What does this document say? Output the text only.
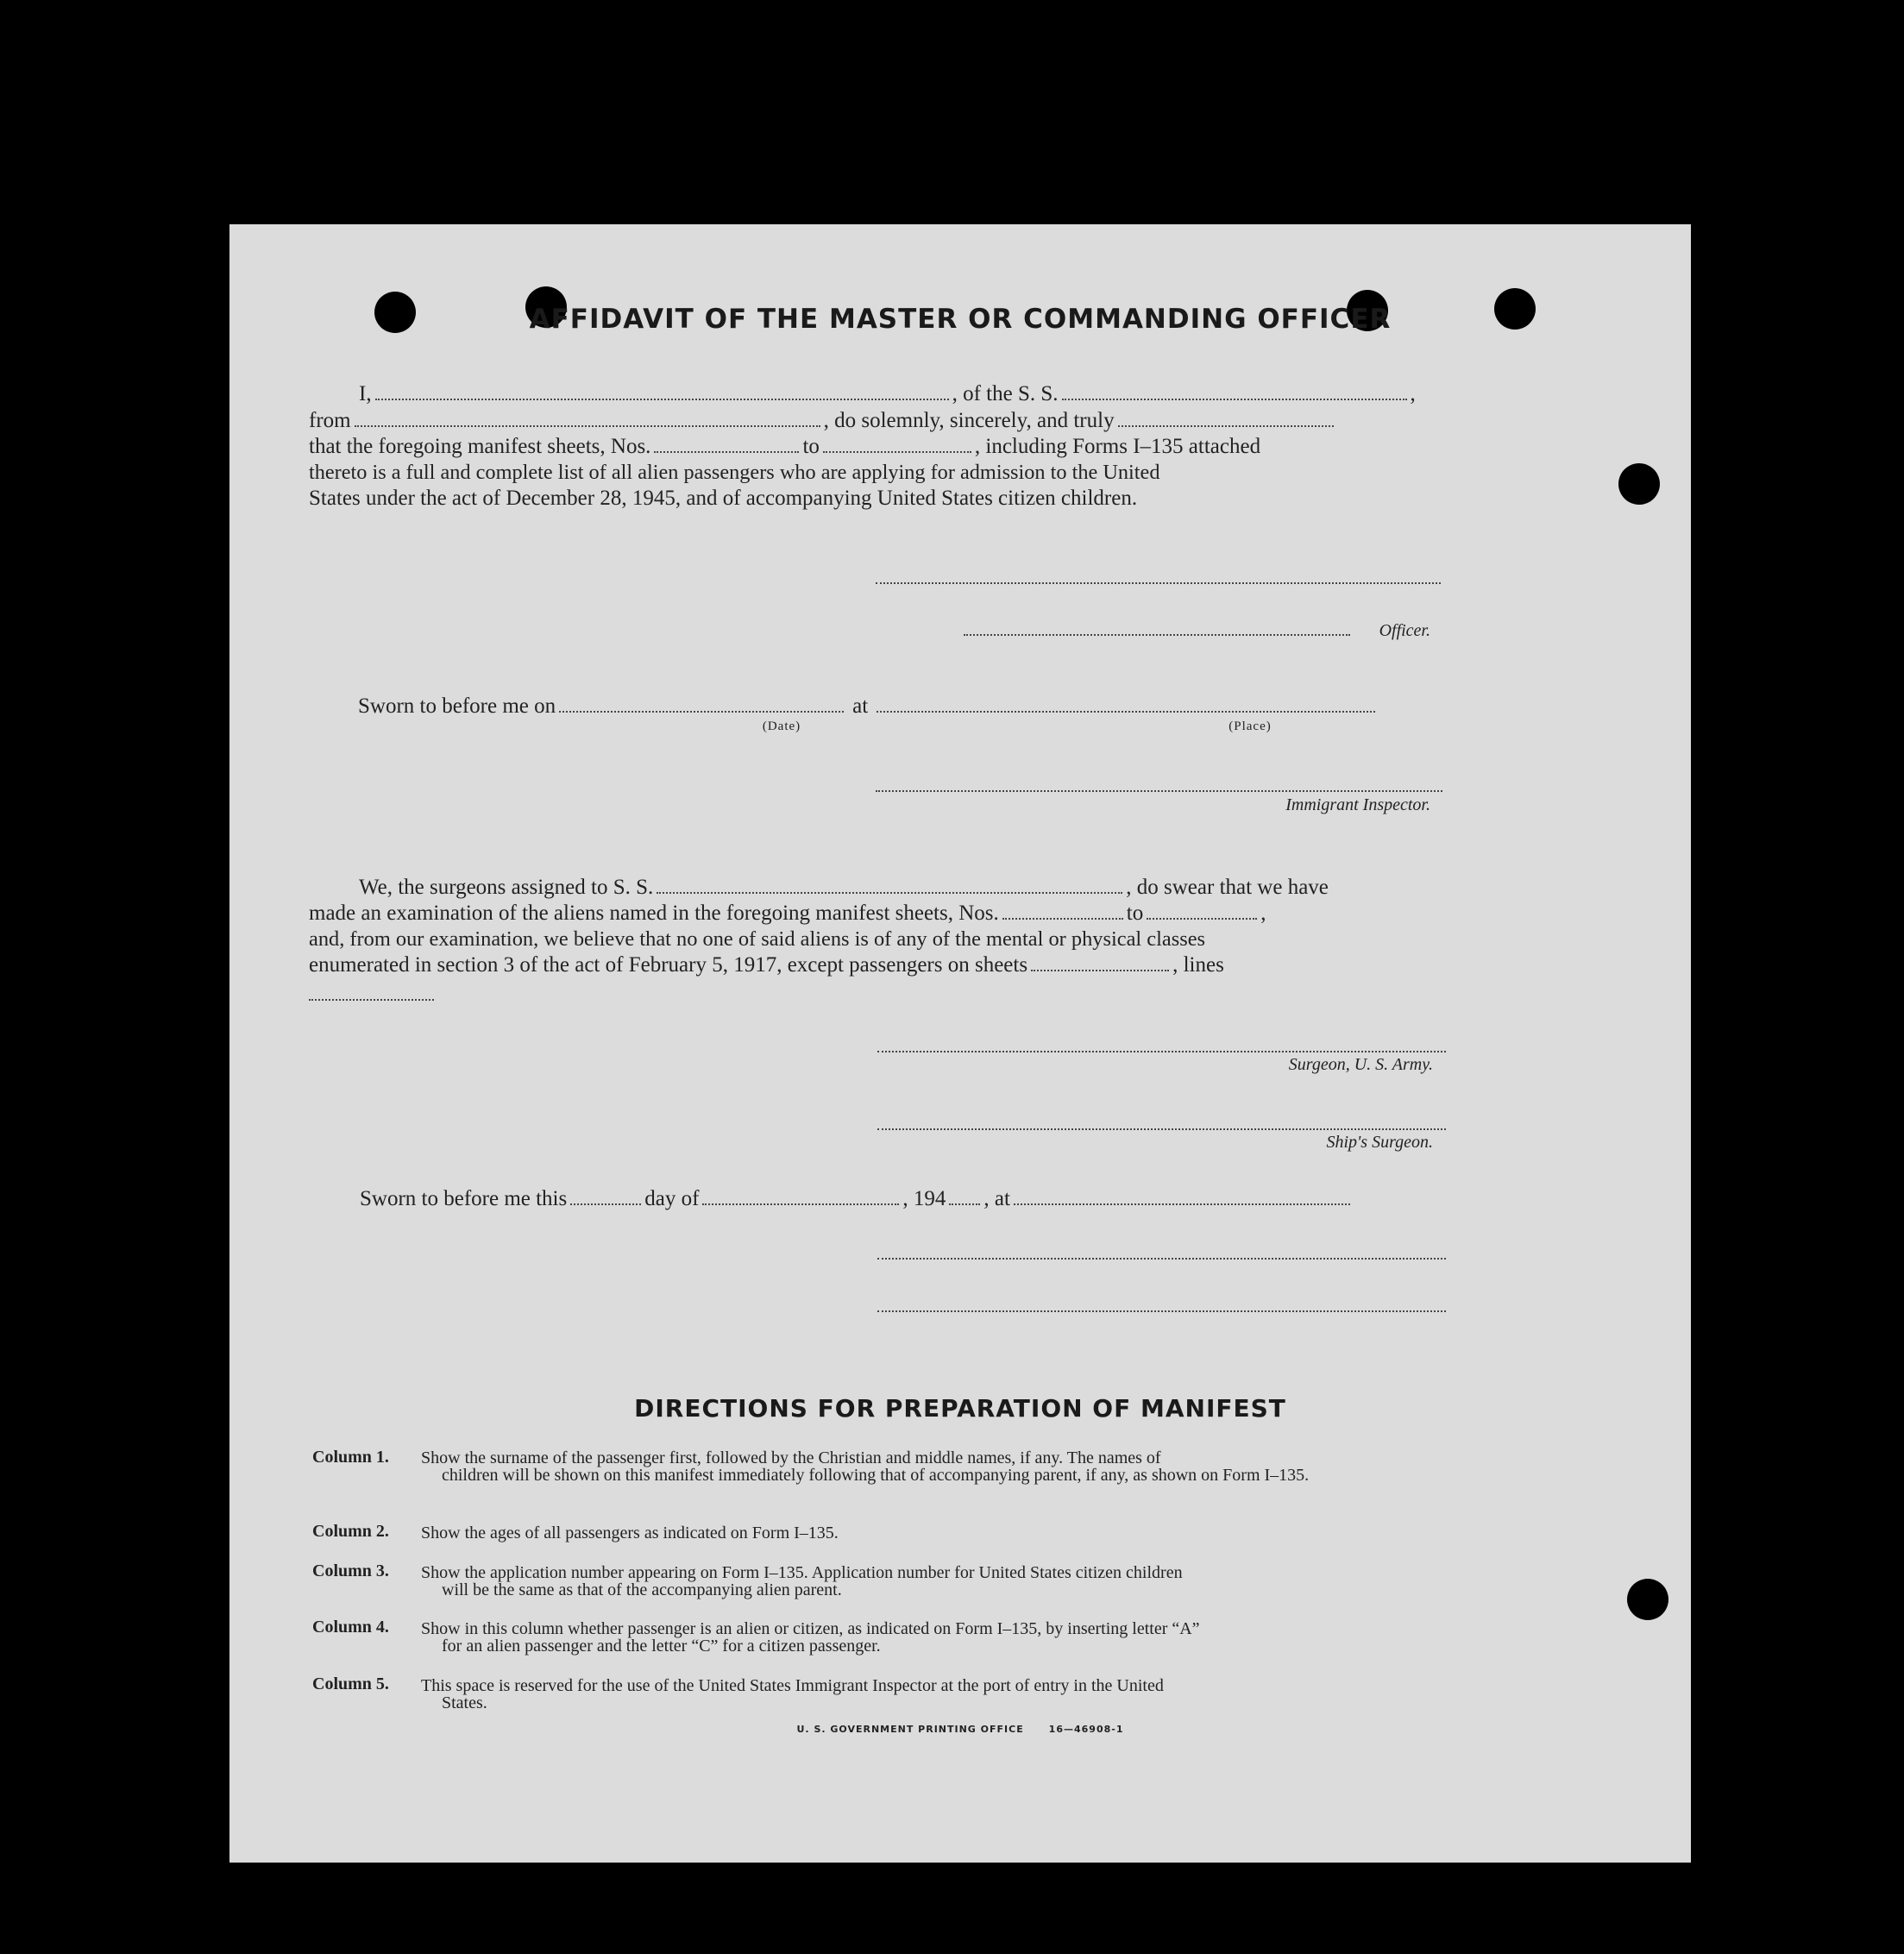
AFFIDAVIT OF THE MASTER OR COMMANDING OFFICER
I,	, of the S. S.	,
from	, do solemnly, sincerely, and truly
that the foregoing manifest sheets, Nos.	to	, including Forms I–135 attached
thereto is a full and complete list of all alien passengers who are applying for admission to the United
States under the act of December 28, 1945, and of accompanying United States citizen children.
Officer.
Sworn to before me on	at
(Date)	(Place)
Immigrant Inspector.
We, the surgeons assigned to S. S.	, do swear that we have
made an examination of the aliens named in the foregoing manifest sheets, Nos.	to	,
and, from our examination, we believe that no one of said aliens is of any of the mental or physical classes
enumerated in section 3 of the act of February 5, 1917, except passengers on sheets	, lines
Surgeon, U. S. Army.
Ship's Surgeon.
Sworn to before me this	day of	, 194 , at
DIRECTIONS FOR PREPARATION OF MANIFEST
Column 1.	Show the surname of the passenger first, followed by the Christian and middle names, if any. The names of
children will be shown on this manifest immediately following that of accompanying parent, if any, as shown on Form I–135.
Column 2.	Show the ages of all passengers as indicated on Form I–135.
Column 3.	Show the application number appearing on Form I–135. Application number for United States citizen children
will be the same as that of the accompanying alien parent.
Column 4.	Show in this column whether passenger is an alien or citizen, as indicated on Form I–135, by inserting letter “A”
for an alien passenger and the letter “C” for a citizen passenger.
Column 5.	This space is reserved for the use of the United States Immigrant Inspector at the port of entry in the United
States.
U. S. GOVERNMENT PRINTING OFFICE      16—46908-1
